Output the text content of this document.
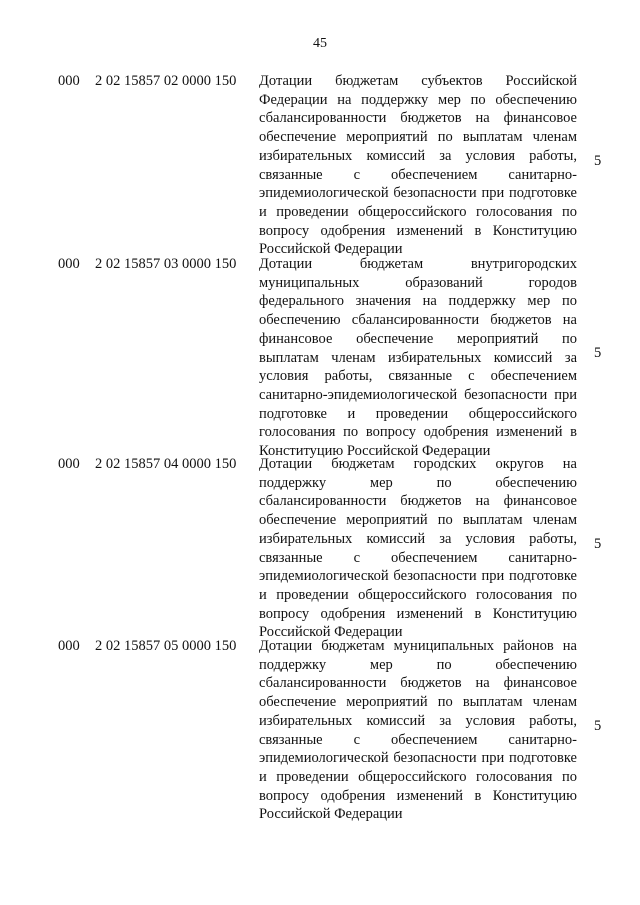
45
000 2 02 15857 02 0000 150 Дотации бюджетам субъектов Российской Федерации на поддержку мер по обеспечению сбалансированности бюджетов на финансовое обеспечение мероприятий по выплатам членам избирательных комиссий за условия работы, связанные с обеспечением санитарно-эпидемиологической безопасности при подготовке и проведении общероссийского голосования по вопросу одобрения изменений в Конституцию Российской Федерации
5
000 2 02 15857 03 0000 150 Дотации бюджетам внутригородских муниципальных образований городов федерального значения на поддержку мер по обеспечению сбалансированности бюджетов на финансовое обеспечение мероприятий по выплатам членам избирательных комиссий за условия работы, связанные с обеспечением санитарно-эпидемиологической безопасности при подготовке и проведении общероссийского голосования по вопросу одобрения изменений в Конституцию Российской Федерации
5
000 2 02 15857 04 0000 150 Дотации бюджетам городских округов на поддержку мер по обеспечению сбалансированности бюджетов на финансовое обеспечение мероприятий по выплатам членам избирательных комиссий за условия работы, связанные с обеспечением санитарно-эпидемиологической безопасности при подготовке и проведении общероссийского голосования по вопросу одобрения изменений в Конституцию Российской Федерации
5
000 2 02 15857 05 0000 150 Дотации бюджетам муниципальных районов на поддержку мер по обеспечению сбалансированности бюджетов на финансовое обеспечение мероприятий по выплатам членам избирательных комиссий за условия работы, связанные с обеспечением санитарно-эпидемиологической безопасности при подготовке и проведении общероссийского голосования по вопросу одобрения изменений в Конституцию Российской Федерации
5
